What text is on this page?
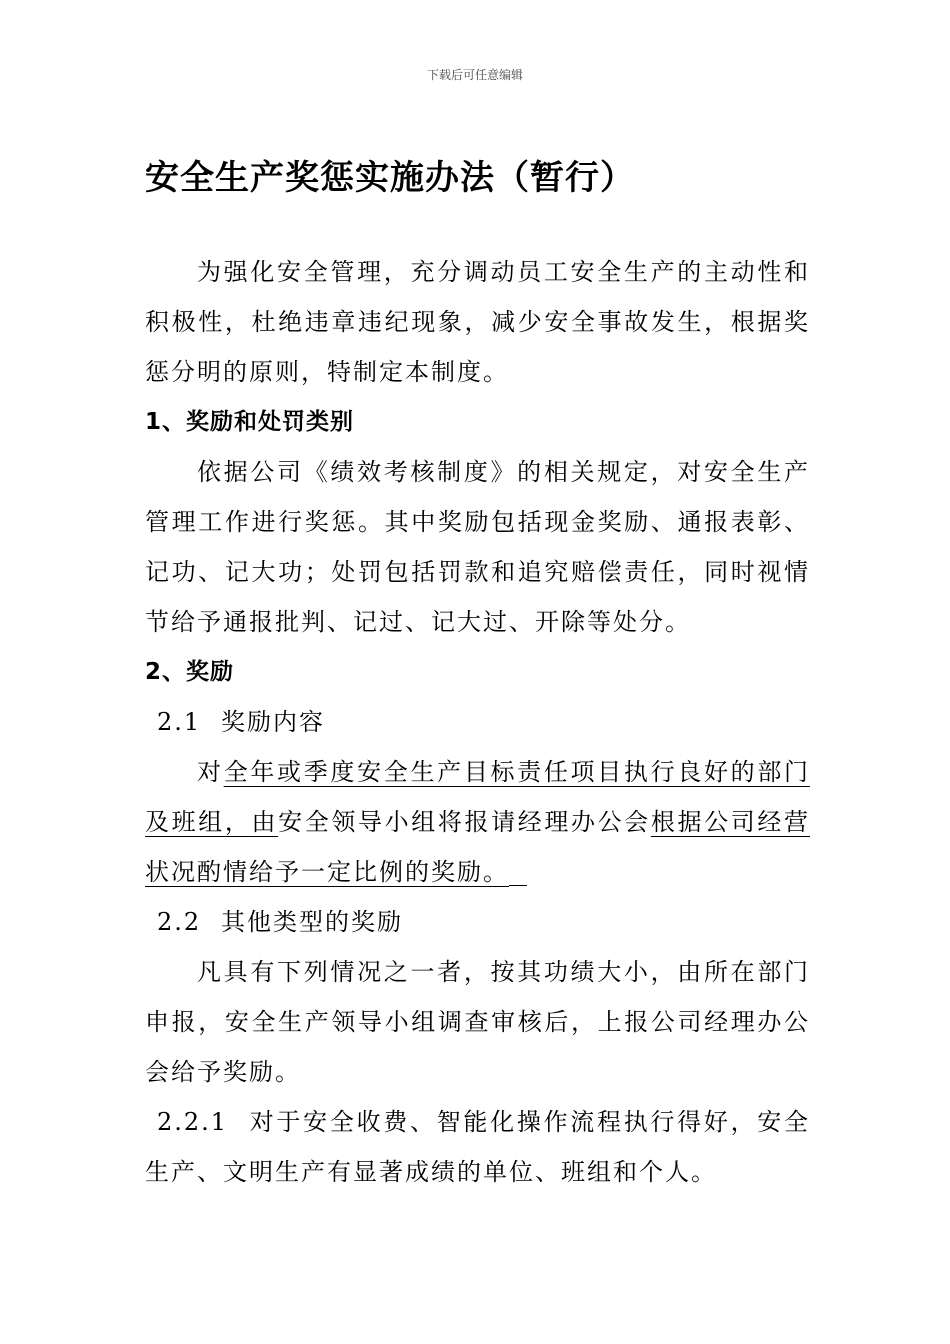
下载后可任意编辑
安全生产奖惩实施办法（暂行）

为强化安全管理，充分调动员工安全生产的主动性和积极性，杜绝违章违纪现象，减少安全事故发生，根据奖惩分明的原则，特制定本制度。

1、奖励和处罚类别

依据公司《绩效考核制度》的相关规定，对安全生产管理工作进行奖惩。其中奖励包括现金奖励、通报表彰、记功、记大功；处罚包括罚款和追究赔偿责任，同时视情节给予通报批判、记过、记大过、开除等处分。

2、奖励

2.1 奖励内容

对全年或季度安全生产目标责任项目执行良好的部门及班组，由安全领导小组将报请经理办公会根据公司经营状况酌情给予一定比例的奖励。

2.2 其他类型的奖励

凡具有下列情况之一者，按其功绩大小，由所在部门申报，安全生产领导小组调查审核后，上报公司经理办公会给予奖励。

2.2.1 对于安全收费、智能化操作流程执行得好，安全生产、文明生产有显著成绩的单位、班组和个人。
